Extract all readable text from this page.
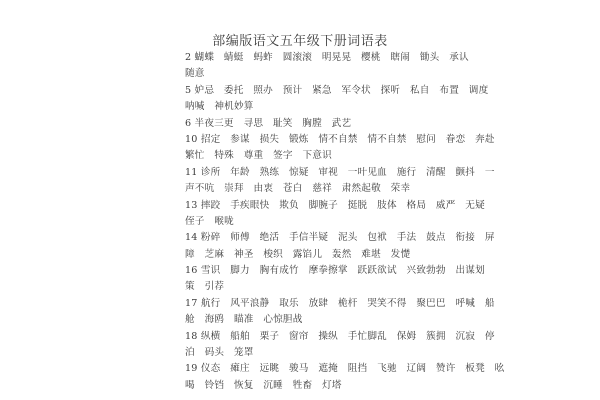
部编版语文五年级下册词语表
2 蝴蝶　蜻蜓　蚂蚱　圆滚滚　明晃晃　樱桃　瞎闹　锄头　承认
随意
5 妒忌　委托　照办　预计　紧急　军令状　探听　私自　布置　调度
呐喊　神机妙算
6 半夜三更　寻思　耻笑　胸膛　武艺
10 招定　参谋　损失　锻炼　情不自禁　情不自禁　慰问　眷恋　奔赴
繁忙　特殊　尊重　签字　下意识
11 诊所　年龄　熟练　惊疑　审视　一叶见血　施行　清醒　颤抖　一
声不吭　崇拜　由衷　苍白　慈祥　肃然起敬　荣幸
13 摔跤　手疾眼快　欺负　脚腕子　挺脱　肢体　格局　威严　无疑
侄子　喉咙
14 粉碎　师傅　绝活　手信半疑　泥头　包袱　手法　鼓点　衔接　屏
障　芝麻　神圣　梭织　露馅儿　轰然　难堪　发憷
16 雪识　脚力　胸有成竹　摩拳擦掌　跃跃欲试　兴致勃勃　出谋划
策　引荐
17 航行　风平浪静　取乐　放肆　桅杆　哭笑不得　聚巴巴　呼喊　船
舱　海鸥　瞄准　心惊胆战
18 纵横　船舶　栗子　窗帘　操纵　手忙脚乱　保姆　簇拥　沉寂　停
泊　码头　笼罩
19 仪态　瘫庄　远眺　骏马　遮掩　阻挡　飞驰　辽阔　赞许　板凳　吆
喝　铃铛　恢复　沉睡　牲畜　灯塔
